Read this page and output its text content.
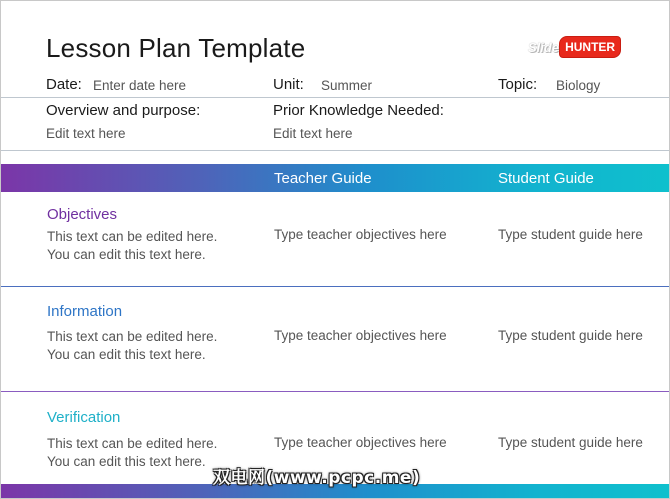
Lesson Plan Template	Slide HUNTER
Date: Enter date here	Unit: Summer	Topic: Biology
Overview and purpose:
Edit text here
Prior Knowledge Needed:
Edit text here
Teacher Guide	Student Guide
Objectives
This text can be edited here.
You can edit this text here.
Type teacher objectives here	Type student guide here
Information
This text can be edited here.
You can edit this text here.
Type teacher objectives here	Type student guide here
Verification
This text can be edited here.
You can edit this text here.
Type teacher objectives here	Type student guide here
双电网(www.pcpc.me)
